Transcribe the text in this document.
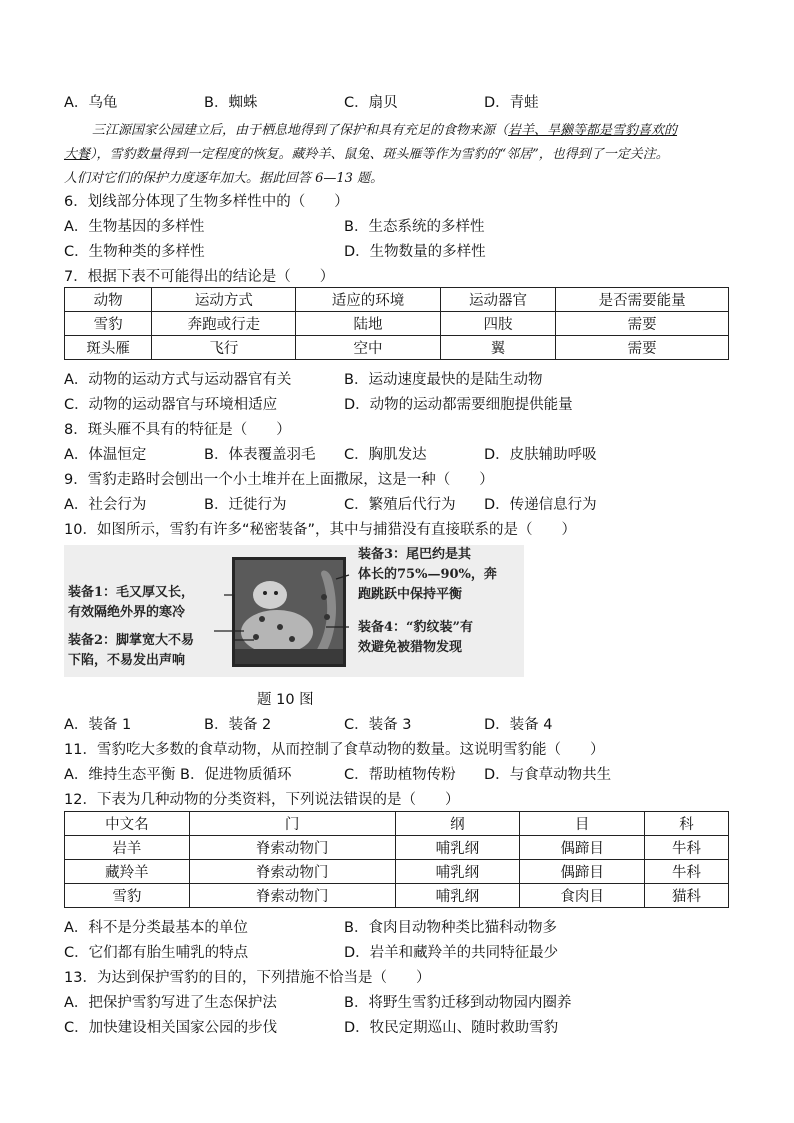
A．乌龟	B．蜘蛛	C．扇贝	D．青蛙
三江源国家公园建立后，由于栖息地得到了保护和具有充足的食物来源（岩羊、旱獭等都是雪豹喜欢的
大餐），雪豹数量得到一定程度的恢复。藏羚羊、鼠兔、斑头雁等作为雪豹的“邻居”，也得到了一定关注。
人们对它们的保护力度逐年加大。据此回答 6—13 题。
6．划线部分体现了生物多样性中的（　　）
A．生物基因的多样性	B．生态系统的多样性
C．生物种类的多样性	D．生物数量的多样性
7．根据下表不可能得出的结论是（　　）
动物	运动方式	适应的环境	运动器官	是否需要能量
雪豹	奔跑或行走	陆地	四肢	需要
斑头雁	飞行	空中	翼	需要
A．动物的运动方式与运动器官有关	B．运动速度最快的是陆生动物
C．动物的运动器官与环境相适应	D．动物的运动都需要细胞提供能量
8．斑头雁不具有的特征是（　　）
A．体温恒定	B．体表覆盖羽毛 C．胸肌发达	D．皮肤辅助呼吸
9．雪豹走路时会刨出一个小土堆并在上面撒尿，这是一种（　　）
A．社会行为	B．迁徙行为	C．繁殖后代行为 D．传递信息行为
10．如图所示，雪豹有许多“秘密装备”，其中与捕猎没有直接联系的是（　　）
装备1：毛又厚又长，
有效隔绝外界的寒冷
装备2：脚掌宽大不易
下陷，不易发出声响
装备3：尾巴约是其
体长的75%—90%，奔
跑跳跃中保持平衡
装备4：“豹纹装”有
效避免被猎物发现
题 10 图
A．装备 1	B．装备 2	C．装备 3	D．装备 4
11．雪豹吃大多数的食草动物，从而控制了食草动物的数量。这说明雪豹能（　　）
A．维持生态平衡 B．促进物质循环	C．帮助植物传粉 D．与食草动物共生
12．下表为几种动物的分类资料，下列说法错误的是（　　）
中文名	门	纲	目	科
岩羊	脊索动物门	哺乳纲	偶蹄目	牛科
藏羚羊	脊索动物门	哺乳纲	偶蹄目	牛科
雪豹	脊索动物门	哺乳纲	食肉目	猫科
A．科不是分类最基本的单位	B．食肉目动物种类比猫科动物多
C．它们都有胎生哺乳的特点	D．岩羊和藏羚羊的共同特征最少
13．为达到保护雪豹的目的，下列措施不恰当是（　　）
A．把保护雪豹写进了生态保护法	B．将野生雪豹迁移到动物园内圈养
C．加快建设相关国家公园的步伐	D．牧民定期巡山、随时救助雪豹
